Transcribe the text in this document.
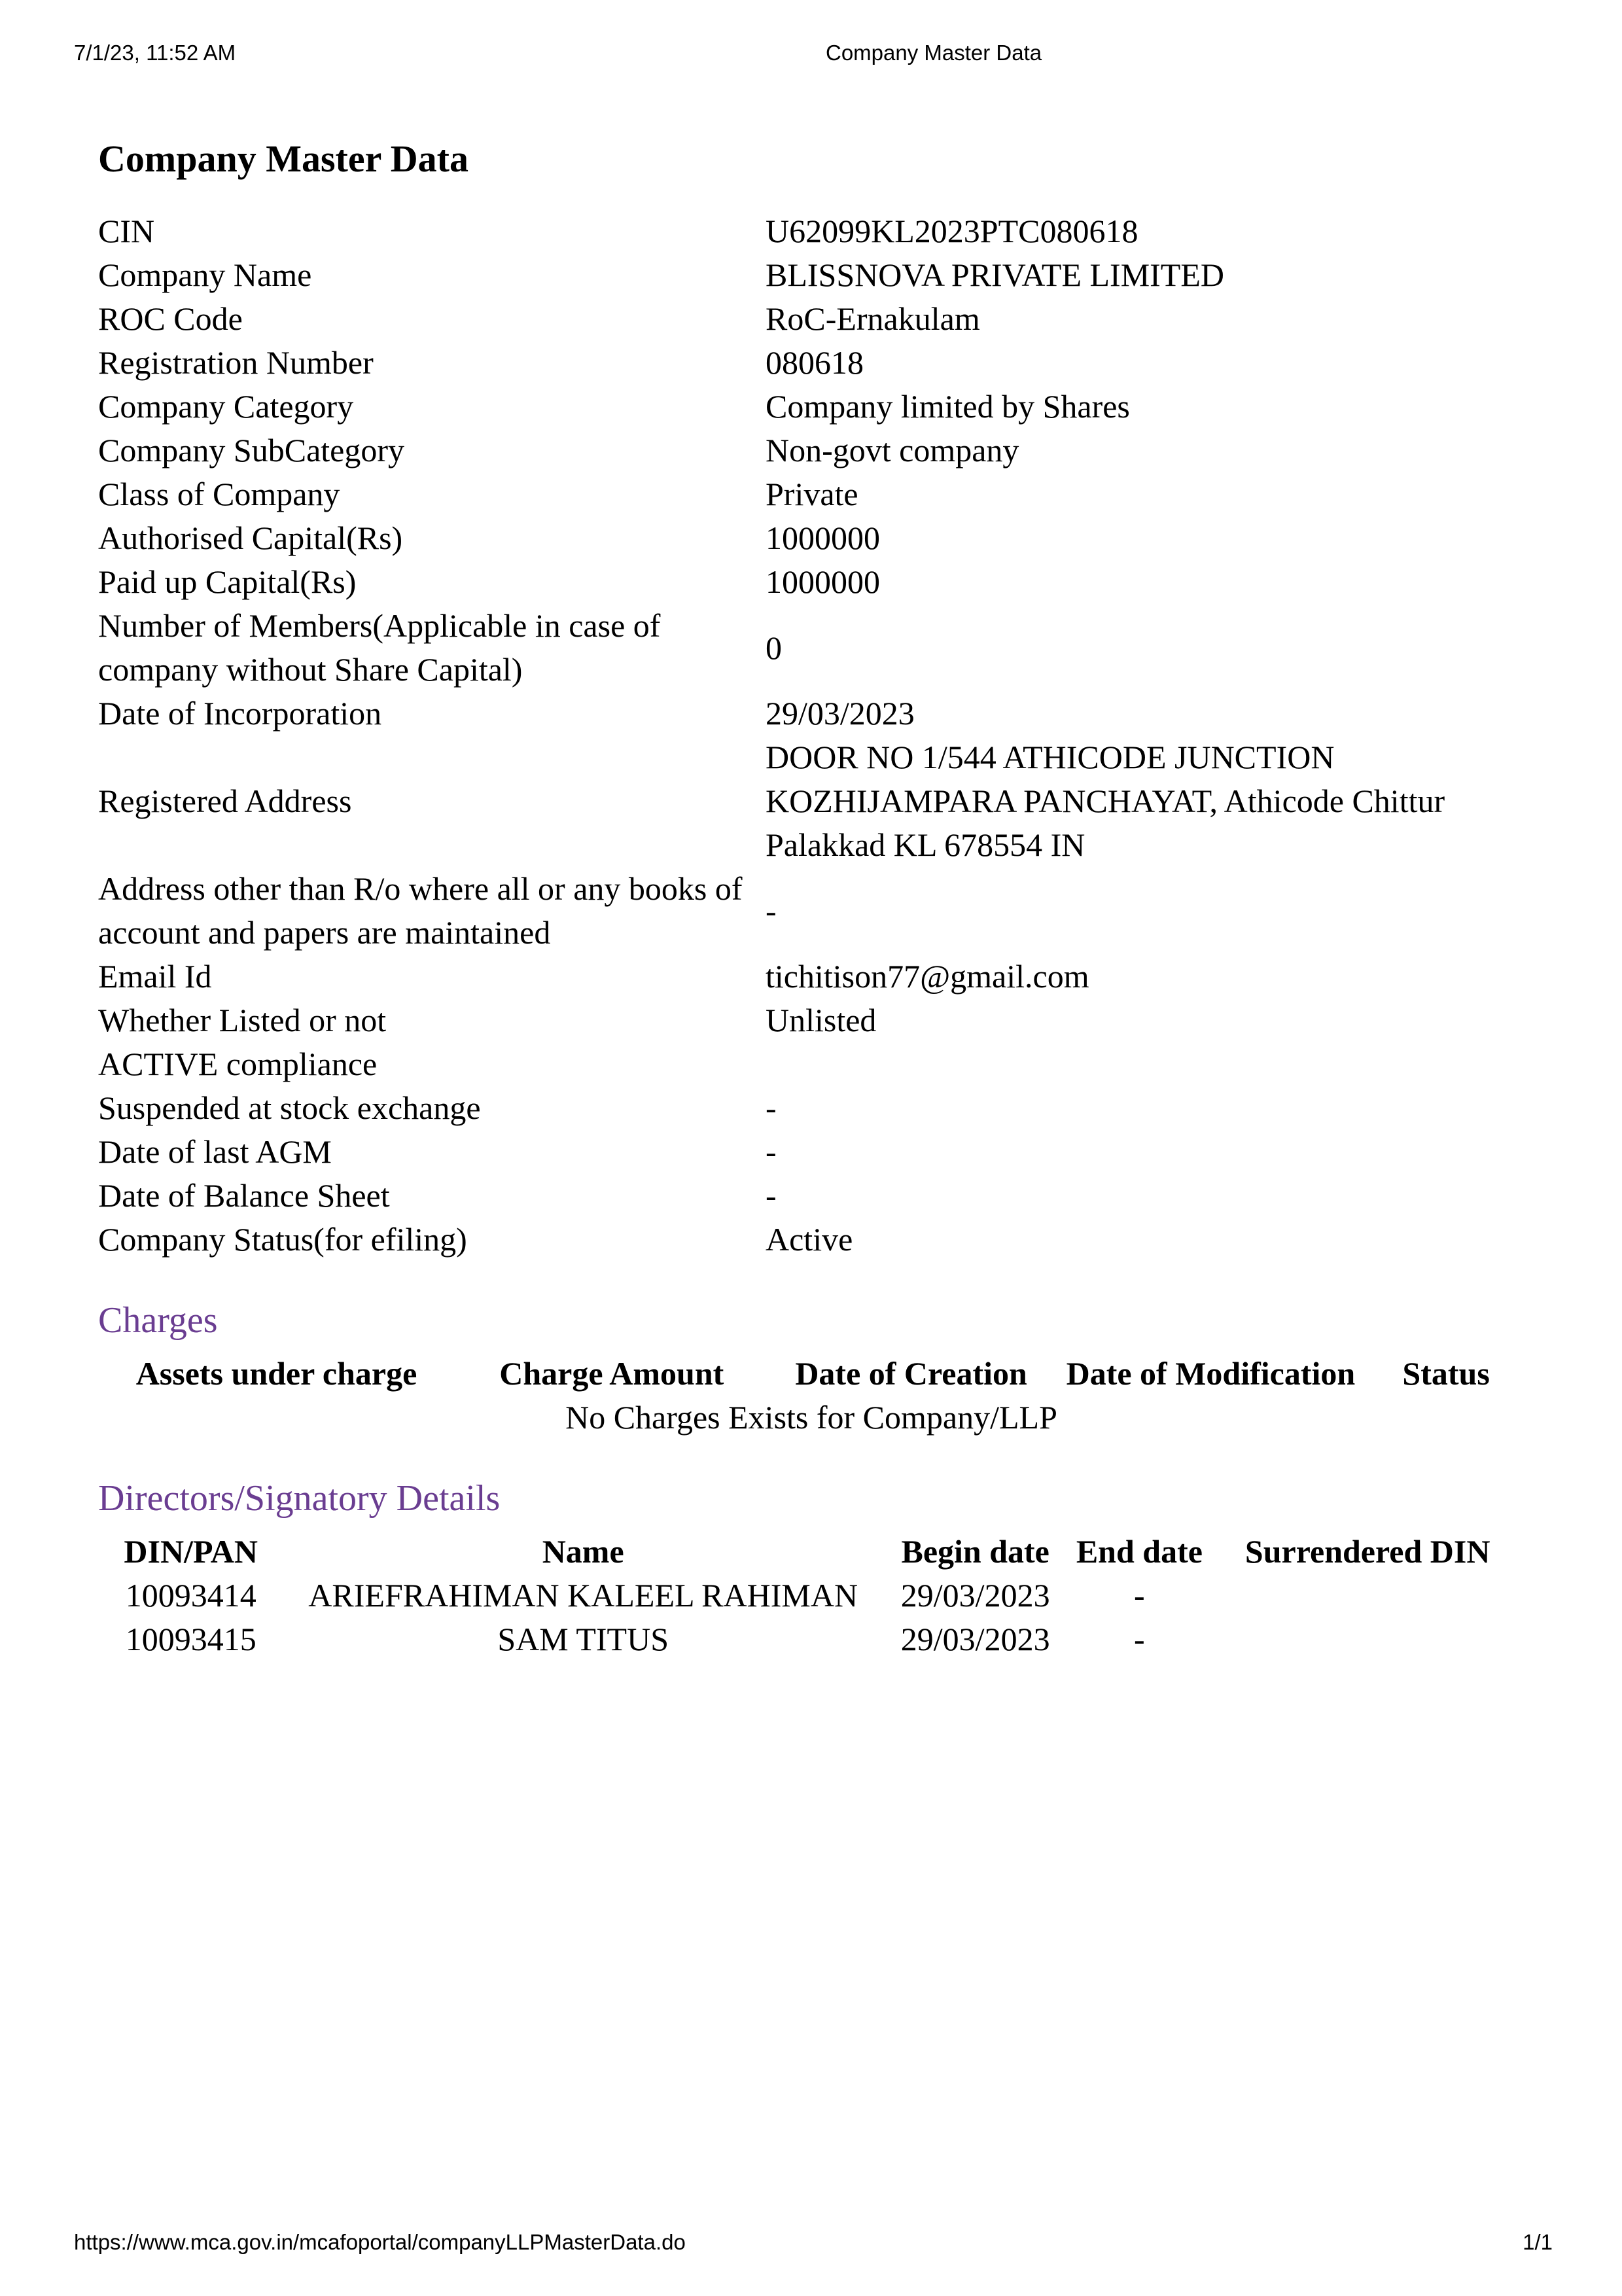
7/1/23, 11:52 AM	Company Master Data
Company Master Data
CIN	U62099KL2023PTC080618
Company Name	BLISSNOVA PRIVATE LIMITED
ROC Code	RoC-Ernakulam
Registration Number	080618
Company Category	Company limited by Shares
Company SubCategory	Non-govt company
Class of Company	Private
Authorised Capital(Rs)	1000000
Paid up Capital(Rs)	1000000
Number of Members(Applicable in case of company without Share Capital)	0
Date of Incorporation	29/03/2023
Registered Address	DOOR NO 1/544 ATHICODE JUNCTION KOZHIJAMPARA PANCHAYAT, Athicode Chittur Palakkad KL 678554 IN
Address other than R/o where all or any books of account and papers are maintained	-
Email Id	tichitison77@gmail.com
Whether Listed or not	Unlisted
ACTIVE compliance	
Suspended at stock exchange	-
Date of last AGM	-
Date of Balance Sheet	-
Company Status(for efiling)	Active
Charges
Assets under charge	Charge Amount	Date of Creation	Date of Modification	Status
No Charges Exists for Company/LLP
Directors/Signatory Details
DIN/PAN	Name	Begin date	End date	Surrendered DIN
10093414	ARIEFRAHIMAN KALEEL RAHIMAN	29/03/2023	-	
10093415	SAM TITUS	29/03/2023	-	
https://www.mca.gov.in/mcafoportal/companyLLPMasterData.do	1/1
